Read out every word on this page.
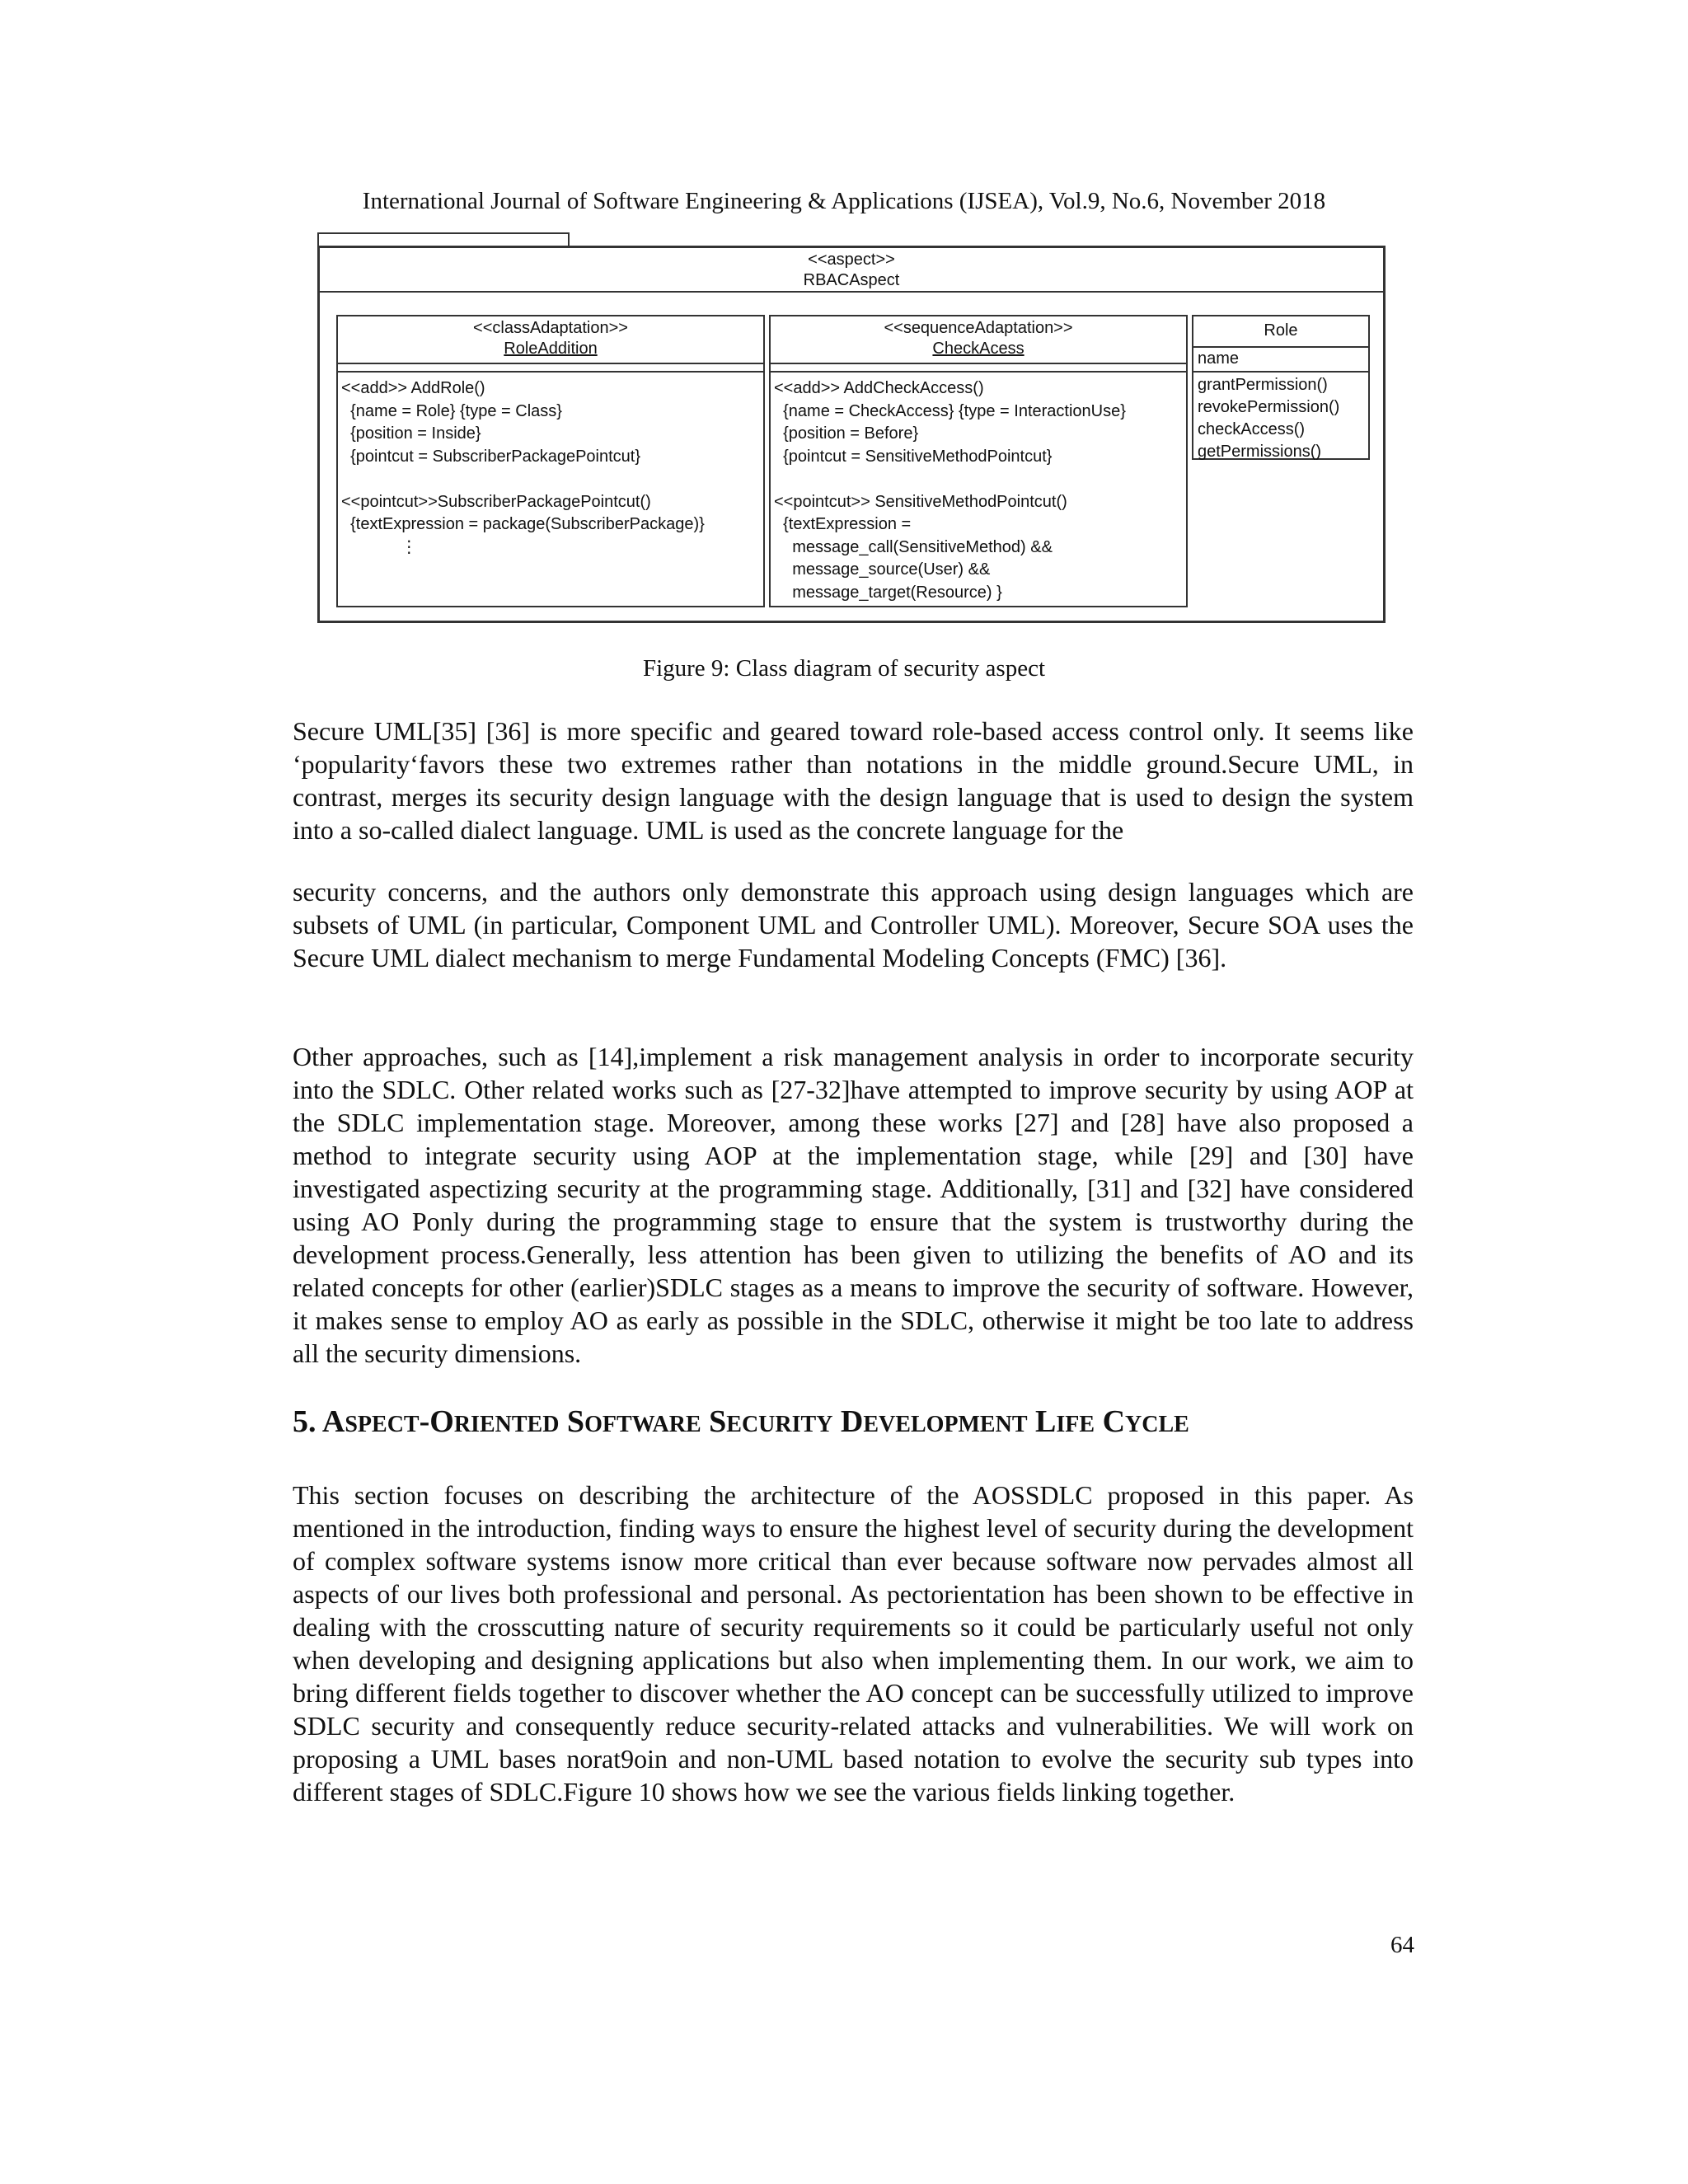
International Journal of Software Engineering & Applications (IJSEA), Vol.9, No.6, November 2018
<<aspect>>
RBACAspect
<<classAdaptation>>
RoleAddition
<<add>> AddRole()
{name = Role} {type = Class}
{position = Inside}
{pointcut = SubscriberPackagePointcut}

<<pointcut>>SubscriberPackagePointcut()
{textExpression = package(SubscriberPackage)}
⋮
<<sequenceAdaptation>>
CheckAcess
<<add>> AddCheckAccess()
{name = CheckAccess} {type = InteractionUse}
{position = Before}
{pointcut = SensitiveMethodPointcut}

<<pointcut>> SensitiveMethodPointcut()
{textExpression =
message_call(SensitiveMethod) &&
message_source(User) &&
message_target(Resource) }
Role
name
grantPermission()
revokePermission()
checkAccess()
getPermissions()
Figure 9: Class diagram of security aspect

Secure UML[35] [36] is more specific and geared toward role-based access control only. It seems like ‘popularity‘favors these two extremes rather than notations in the middle ground.Secure UML, in contrast, merges its security design language with the design language that is used to design the system into a so-called dialect language. UML is used as the concrete language for the

security concerns, and the authors only demonstrate this approach using design languages which are subsets of UML (in particular, Component UML and Controller UML). Moreover, Secure SOA uses the Secure UML dialect mechanism to merge Fundamental Modeling Concepts (FMC) [36].

Other approaches, such as [14],implement a risk management analysis in order to incorporate security into the SDLC. Other related works such as [27-32]have attempted to improve security by using AOP at the SDLC implementation stage. Moreover, among these works [27] and [28] have also proposed a method to integrate security using AOP at the implementation stage, while [29] and [30] have investigated aspectizing security at the programming stage. Additionally, [31] and [32] have considered using AO Ponly during the programming stage to ensure that the system is trustworthy during the development process.Generally, less attention has been given to utilizing the benefits of AO and its related concepts for other (earlier)SDLC stages as a means to improve the security of software. However, it makes sense to employ AO as early as possible in the SDLC, otherwise it might be too late to address all the security dimensions.

5. ASPECT-ORIENTED SOFTWARE SECURITY DEVELOPMENT LIFE CYCLE

This section focuses on describing the architecture of the AOSSDLC proposed in this paper. As mentioned in the introduction, finding ways to ensure the highest level of security during the development of complex software systems isnow more critical than ever because software now pervades almost all aspects of our lives both professional and personal. As pectorientation has been shown to be effective in dealing with the crosscutting nature of security requirements so it could be particularly useful not only when developing and designing applications but also when implementing them. In our work, we aim to bring different fields together to discover whether the AO concept can be successfully utilized to improve SDLC security and consequently reduce security-related attacks and vulnerabilities. We will work on proposing a UML bases norat9oin and non-UML based notation to evolve the security sub types into different stages of SDLC.Figure 10 shows how we see the various fields linking together.

64
